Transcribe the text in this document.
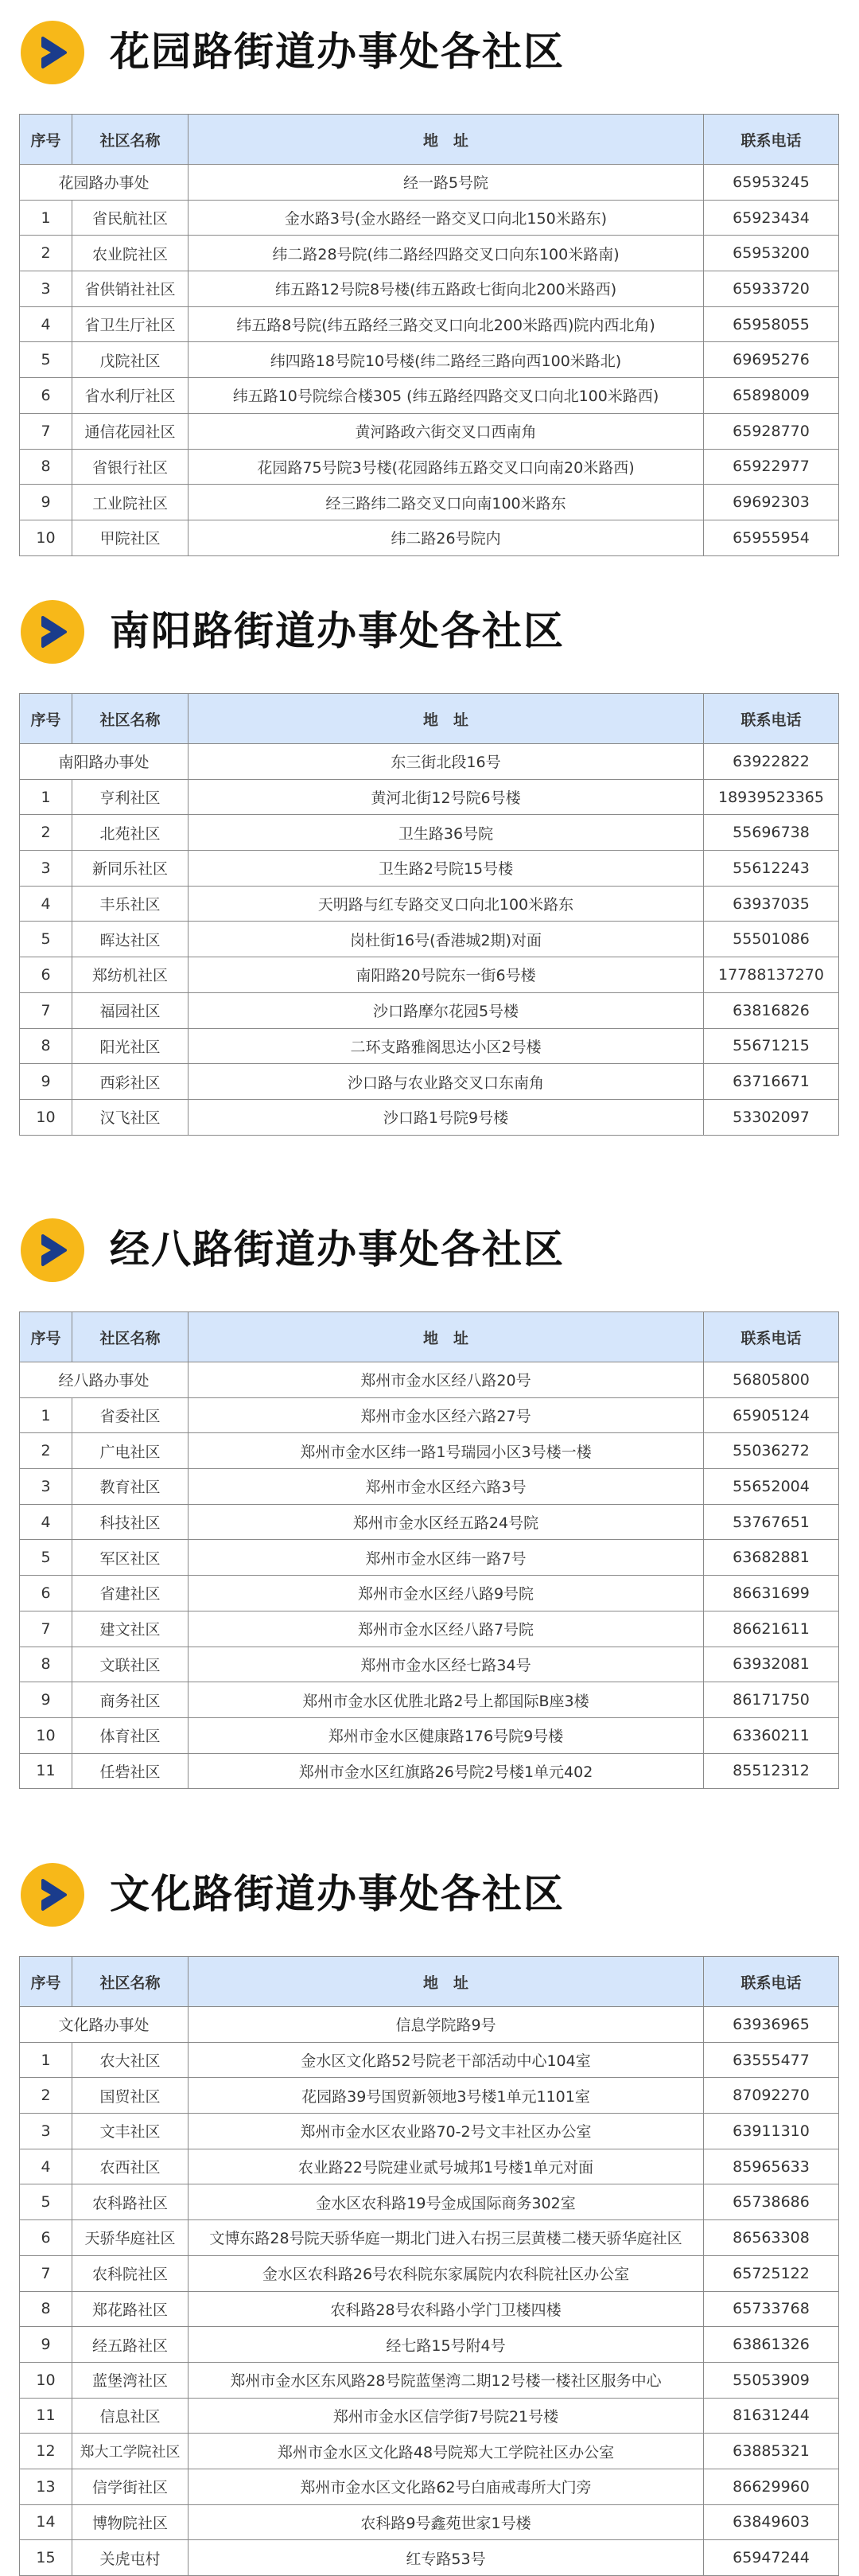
花园路街道办事处各社区
序号	社区名称	地　址	联系电话
花园路办事处		经一路5号院	65953245
1	省民航社区	金水路3号(金水路经一路交叉口向北150米路东)	65923434
2	农业院社区	纬二路28号院(纬二路经四路交叉口向东100米路南)	65953200
3	省供销社社区	纬五路12号院8号楼(纬五路政七街向北200米路西)	65933720
4	省卫生厅社区	纬五路8号院(纬五路经三路交叉口向北200米路西)院内西北角)	65958055
5	戊院社区	纬四路18号院10号楼(纬二路经三路向西100米路北)	69695276
6	省水利厅社区	纬五路10号院综合楼305 (纬五路经四路交叉口向北100米路西)	65898009
7	通信花园社区	黄河路政六街交叉口西南角	65928770
8	省银行社区	花园路75号院3号楼(花园路纬五路交叉口向南20米路西)	65922977
9	工业院社区	经三路纬二路交叉口向南100米路东	69692303
10	甲院社区	纬二路26号院内	65955954
南阳路街道办事处各社区
序号	社区名称	地　址	联系电话
南阳路办事处		东三街北段16号	63922822
1	亨利社区	黄河北街12号院6号楼	18939523365
2	北苑社区	卫生路36号院	55696738
3	新同乐社区	卫生路2号院15号楼	55612243
4	丰乐社区	天明路与红专路交叉口向北100米路东	63937035
5	晖达社区	岗杜街16号(香港城2期)对面	55501086
6	郑纺机社区	南阳路20号院东一街6号楼	17788137270
7	福园社区	沙口路摩尔花园5号楼	63816826
8	阳光社区	二环支路雅阁思达小区2号楼	55671215
9	西彩社区	沙口路与农业路交叉口东南角	63716671
10	汉飞社区	沙口路1号院9号楼	53302097
经八路街道办事处各社区
序号	社区名称	地　址	联系电话
经八路办事处		郑州市金水区经八路20号	56805800
1	省委社区	郑州市金水区经六路27号	65905124
2	广电社区	郑州市金水区纬一路1号瑞园小区3号楼一楼	55036272
3	教育社区	郑州市金水区经六路3号	55652004
4	科技社区	郑州市金水区经五路24号院	53767651
5	军区社区	郑州市金水区纬一路7号	63682881
6	省建社区	郑州市金水区经八路9号院	86631699
7	建文社区	郑州市金水区经八路7号院	86621611
8	文联社区	郑州市金水区经七路34号	63932081
9	商务社区	郑州市金水区优胜北路2号上都国际B座3楼	86171750
10	体育社区	郑州市金水区健康路176号院9号楼	63360211
11	任砦社区	郑州市金水区红旗路26号院2号楼1单元402	85512312
文化路街道办事处各社区
序号	社区名称	地　址	联系电话
文化路办事处		信息学院路9号	63936965
1	农大社区	金水区文化路52号院老干部活动中心104室	63555477
2	国贸社区	花园路39号国贸新领地3号楼1单元1101室	87092270
3	文丰社区	郑州市金水区农业路70-2号文丰社区办公室	63911310
4	农西社区	农业路22号院建业贰号城邦1号楼1单元对面	85965633
5	农科路社区	金水区农科路19号金成国际商务302室	65738686
6	天骄华庭社区	文博东路28号院天骄华庭一期北门进入右拐三层黄楼二楼天骄华庭社区	86563308
7	农科院社区	金水区农科路26号农科院东家属院内农科院社区办公室	65725122
8	郑花路社区	农科路28号农科路小学门卫楼四楼	65733768
9	经五路社区	经七路15号附4号	63861326
10	蓝堡湾社区	郑州市金水区东风路28号院蓝堡湾二期12号楼一楼社区服务中心	55053909
11	信息社区	郑州市金水区信学街7号院21号楼	81631244
12	郑大工学院社区	郑州市金水区文化路48号院郑大工学院社区办公室	63885321
13	信学街社区	郑州市金水区文化路62号白庙戒毒所大门旁	86629960
14	博物院社区	农科路9号鑫苑世家1号楼	63849603
15	关虎屯村	红专路53号	65947244
